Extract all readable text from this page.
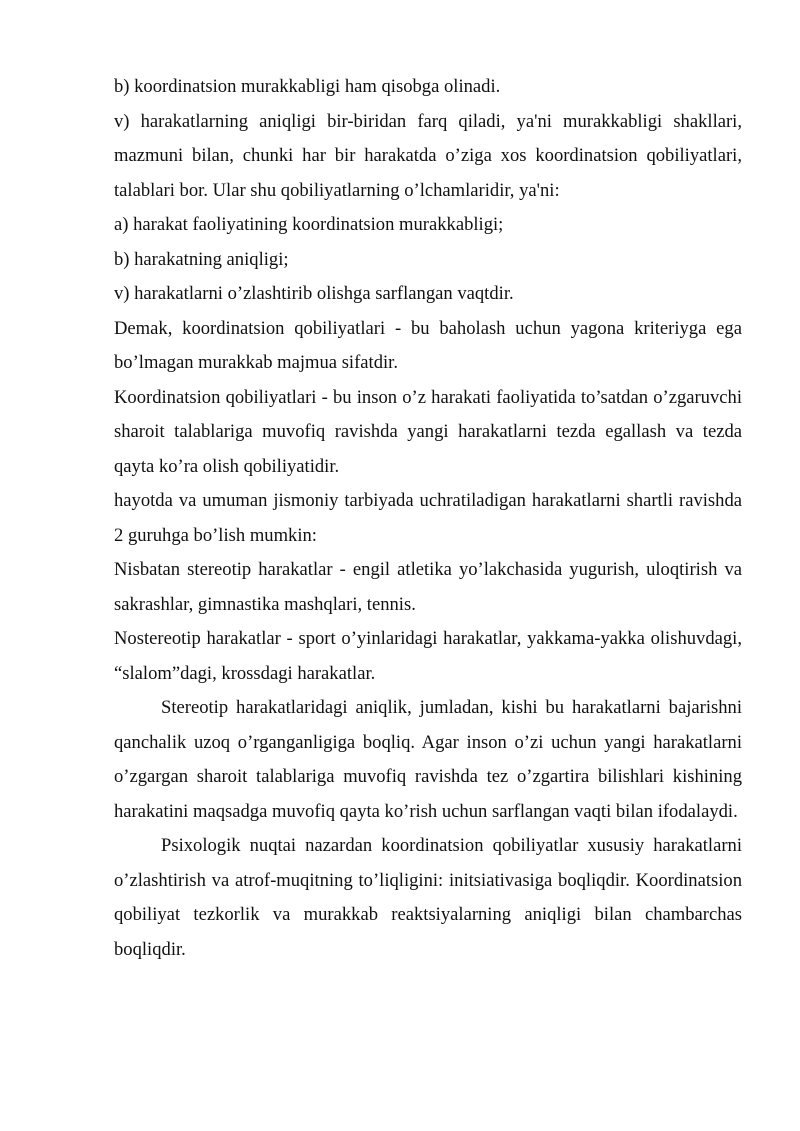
b) koordinatsion murakkabligi ham qisobga olinadi.

v) harakatlarning aniqligi bir-biridan farq qiladi, ya'ni murakkabligi shakllari, mazmuni bilan, chunki har bir harakatda o’ziga xos koordinatsion qobiliyatlari, talablari bor. Ular shu qobiliyatlarning o’lchamlaridir, ya'ni:

a) harakat faoliyatining koordinatsion murakkabligi;

b) harakatning aniqligi;

v) harakatlarni o’zlashtirib olishga sarflangan vaqtdir.

Demak, koordinatsion qobiliyatlari - bu baholash uchun yagona kriteriyga ega bo’lmagan murakkab majmua sifatdir.

Koordinatsion qobiliyatlari - bu inson o’z harakati faoliyatida to’satdan o’zgaruvchi sharoit talablariga muvofiq ravishda yangi harakatlarni tezda egallash va tezda qayta ko’ra olish qobiliyatidir.

hayotda va umuman jismoniy tarbiyada uchratiladigan harakatlarni shartli ravishda 2 guruhga bo’lish mumkin:

Nisbatan stereotip harakatlar - engil atletika yo’lakchasida yugurish, uloqtirish va sakrashlar, gimnastika mashqlari, tennis.

Nostereotip harakatlar - sport o’yinlaridagi harakatlar, yakkama-yakka olishuvdagi, “slalom”dagi, krossdagi harakatlar.

Stereotip harakatlaridagi aniqlik, jumladan, kishi bu harakatlarni bajarishni qanchalik uzoq o’rganganligiga boqliq. Agar inson o’zi uchun yangi harakatlarni o’zgargan sharoit talablariga muvofiq ravishda tez o’zgartira bilishlari kishining harakatini maqsadga muvofiq qayta ko’rish uchun sarflangan vaqti bilan ifodalaydi.

Psixologik nuqtai nazardan koordinatsion qobiliyatlar xususiy harakatlarni o’zlashtirish va atrof-muqitning to’liqligini: initsiativasiga boqliqdir. Koordinatsion qobiliyat tezkorlik va murakkab reaktsiyalarning aniqligi bilan chambarchas boqliqdir.
